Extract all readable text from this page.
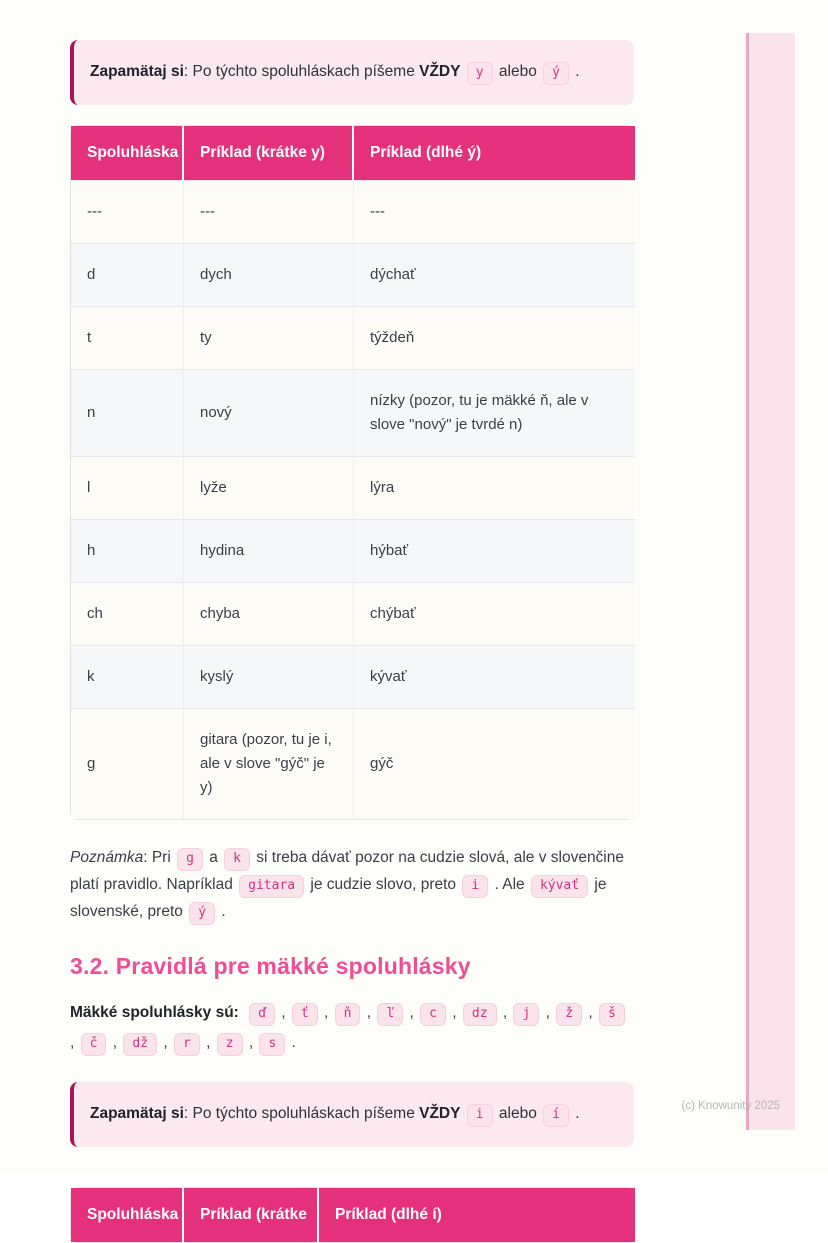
Zapamätaj si: Po týchto spoluhláskach píšeme VŽDY y alebo ý .
Spoluhláska	Príklad (krátke y)	Príklad (dlhé ý)
---	---	---
d	dych	dýchať
t	ty	týždeň
n	nový	nízky (pozor, tu je mäkké ň, ale v slove "nový" je tvrdé n)
l	lyže	lýra
h	hydina	hýbať
ch	chyba	chýbať
k	kyslý	kývať
g	gitara (pozor, tu je i, ale v slove "gýč" je y)	gýč

Poznámka: Pri g a k si treba dávať pozor na cudzie slová, ale v slovenčine platí pravidlo. Napríklad gitara je cudzie slovo, preto i . Ale kývať je slovenské, preto ý .

3.2. Pravidlá pre mäkké spoluhlásky

Mäkké spoluhlásky sú: ď , ť , ň , ľ , c , dz , j , ž , š , č , dž , r , z , s .

Zapamätaj si: Po týchto spoluhláskach píšeme VŽDY i alebo í .
Spoluhláska	Príklad (krátke	Príklad (dlhé í)
(c) Knowunity 2025
